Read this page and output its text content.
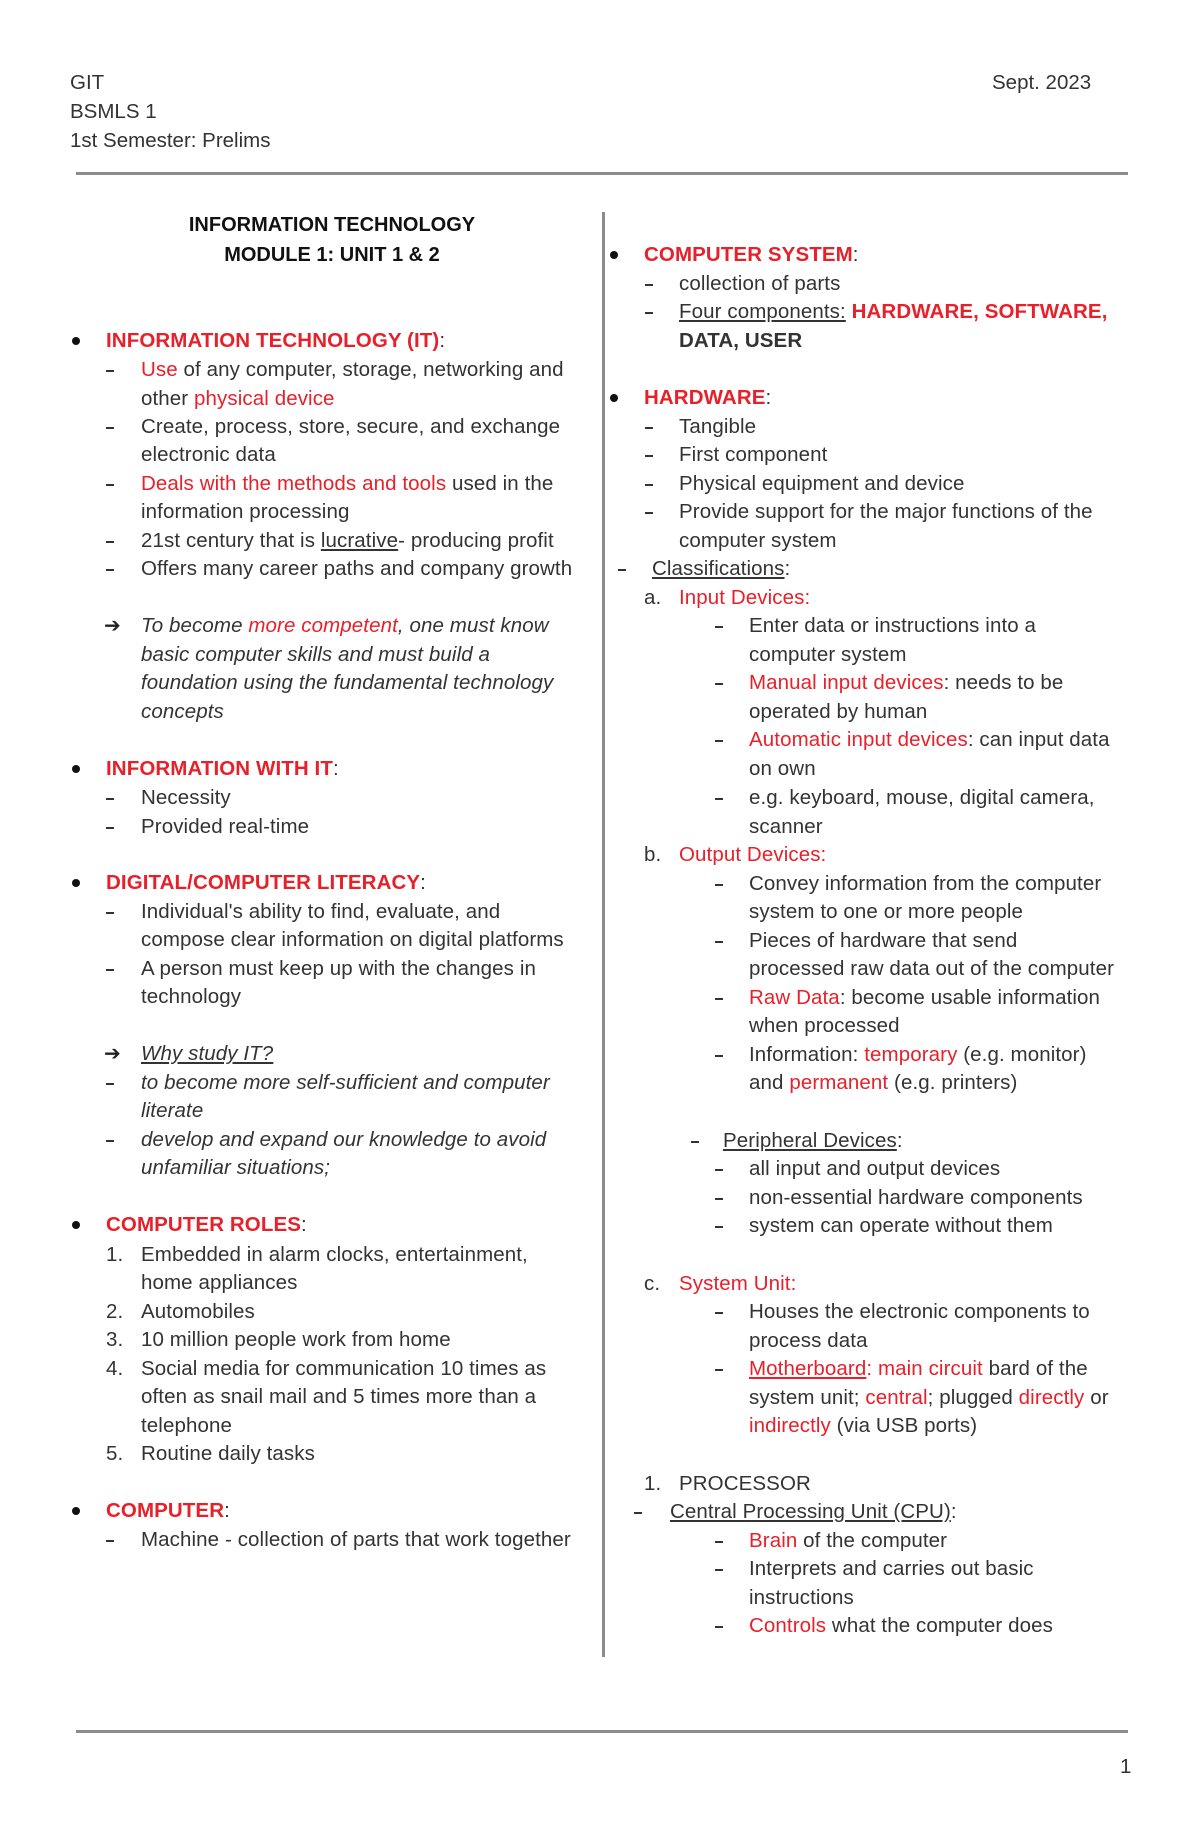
GIT
BSMLS 1
1st Semester: Prelims
Sept. 2023
INFORMATION TECHNOLOGY
MODULE 1: UNIT 1 & 2
INFORMATION TECHNOLOGY (IT):
Use of any computer, storage, networking and
other physical device
Create, process, store, secure, and exchange
electronic data
Deals with the methods and tools used in the
information processing
21st century that is lucrative- producing profit
Offers many career paths and company growth
➔ To become more competent, one must know
basic computer skills and must build a
foundation using the fundamental technology
concepts
INFORMATION WITH IT:
Necessity
Provided real-time
DIGITAL/COMPUTER LITERACY:
Individual's ability to find, evaluate, and
compose clear information on digital platforms
A person must keep up with the changes in
technology
➔ Why study IT?
to become more self-sufficient and computer
literate
develop and expand our knowledge to avoid
unfamiliar situations;
COMPUTER ROLES:
1. Embedded in alarm clocks, entertainment,
home appliances
2. Automobiles
3. 10 million people work from home
4. Social media for communication 10 times as
often as snail mail and 5 times more than a
telephone
5. Routine daily tasks
COMPUTER:
Machine - collection of parts that work together
COMPUTER SYSTEM:
collection of parts
Four components: HARDWARE, SOFTWARE,
DATA, USER
HARDWARE:
Tangible
First component
Physical equipment and device
Provide support for the major functions of the
computer system
Classifications:
a. Input Devices:
Enter data or instructions into a
computer system
Manual input devices: needs to be
operated by human
Automatic input devices: can input data
on own
e.g. keyboard, mouse, digital camera,
scanner
b. Output Devices:
Convey information from the computer
system to one or more people
Pieces of hardware that send
processed raw data out of the computer
Raw Data: become usable information
when processed
Information: temporary (e.g. monitor)
and permanent (e.g. printers)
Peripheral Devices:
all input and output devices
non-essential hardware components
system can operate without them
c. System Unit:
Houses the electronic components to
process data
Motherboard: main circuit bard of the
system unit; central; plugged directly or
indirectly (via USB ports)
1. PROCESSOR
Central Processing Unit (CPU):
Brain of the computer
Interprets and carries out basic
instructions
Controls what the computer does
1
